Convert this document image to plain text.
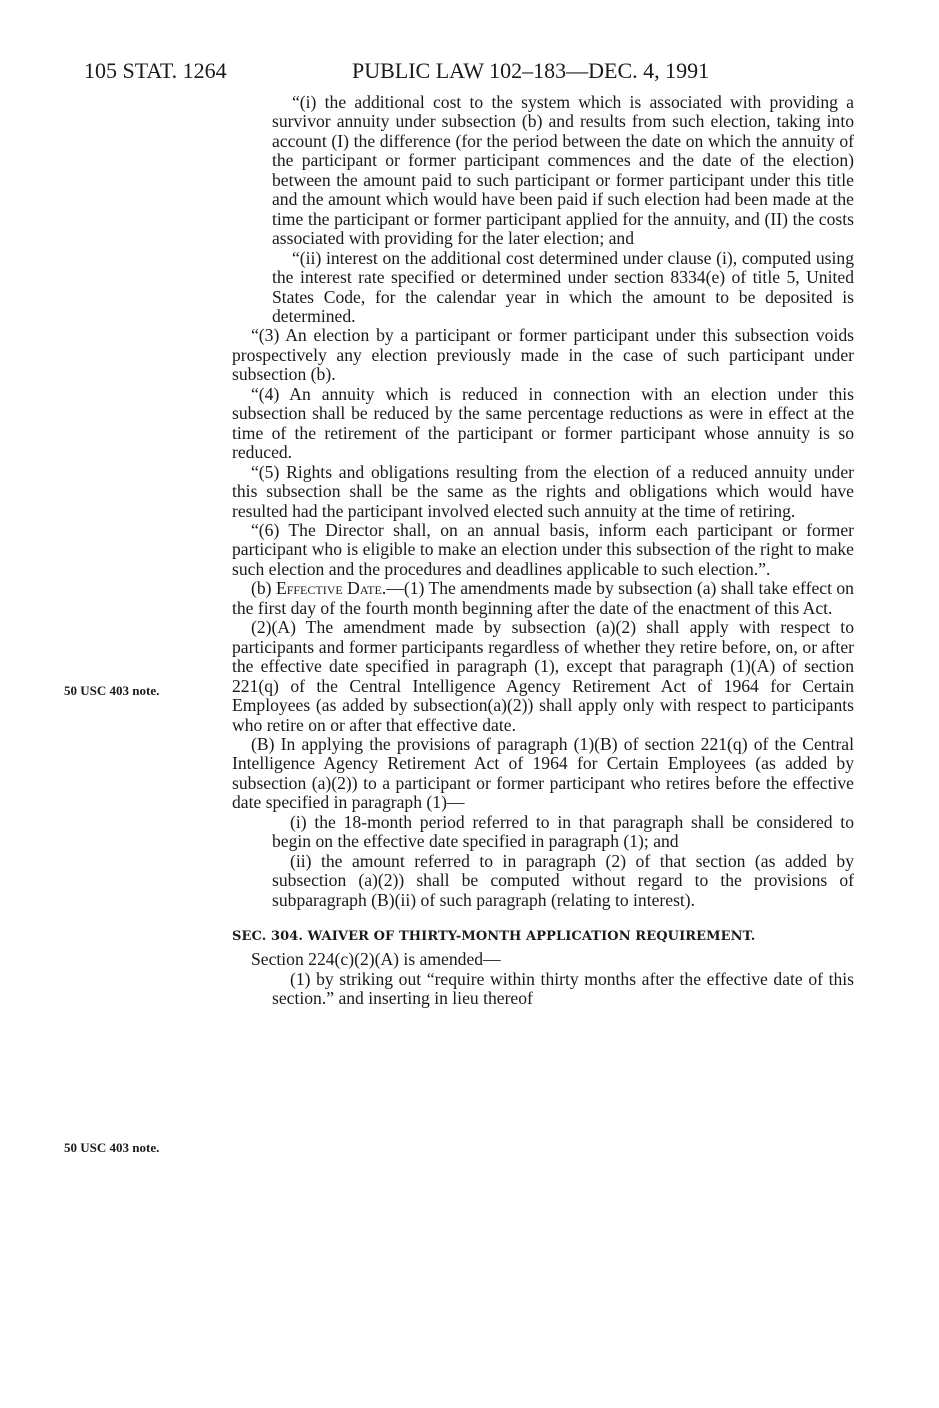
105 STAT. 1264	PUBLIC LAW 102–183—DEC. 4, 1991
50 USC 403 note.
50 USC 403 note.

“(i) the additional cost to the system which is associated with providing a survivor annuity under subsection (b) and results from such election, taking into account (I) the difference (for the period between the date on which the annuity of the participant or former participant commences and the date of the election) between the amount paid to such participant or former participant under this title and the amount which would have been paid if such election had been made at the time the participant or former participant applied for the annuity, and (II) the costs associated with providing for the later election; and

“(ii) interest on the additional cost determined under clause (i), computed using the interest rate specified or determined under section 8334(e) of title 5, United States Code, for the calendar year in which the amount to be deposited is determined.

“(3) An election by a participant or former participant under this subsection voids prospectively any election previously made in the case of such participant under subsection (b).

“(4) An annuity which is reduced in connection with an election under this subsection shall be reduced by the same percentage reductions as were in effect at the time of the retirement of the participant or former participant whose annuity is so reduced.

“(5) Rights and obligations resulting from the election of a reduced annuity under this subsection shall be the same as the rights and obligations which would have resulted had the participant involved elected such annuity at the time of retiring.

“(6) The Director shall, on an annual basis, inform each participant or former participant who is eligible to make an election under this subsection of the right to make such election and the procedures and deadlines applicable to such election.”.

(b) Effective Date.—(1) The amendments made by subsection (a) shall take effect on the first day of the fourth month beginning after the date of the enactment of this Act.

(2)(A) The amendment made by subsection (a)(2) shall apply with respect to participants and former participants regardless of whether they retire before, on, or after the effective date specified in paragraph (1), except that paragraph (1)(A) of section 221(q) of the Central Intelligence Agency Retirement Act of 1964 for Certain Employees (as added by subsection(a)(2)) shall apply only with respect to participants who retire on or after that effective date.

(B) In applying the provisions of paragraph (1)(B) of section 221(q) of the Central Intelligence Agency Retirement Act of 1964 for Certain Employees (as added by subsection (a)(2)) to a participant or former participant who retires before the effective date specified in paragraph (1)—

(i) the 18-month period referred to in that paragraph shall be considered to begin on the effective date specified in paragraph (1); and

(ii) the amount referred to in paragraph (2) of that section (as added by subsection (a)(2)) shall be computed without regard to the provisions of subparagraph (B)(ii) of such paragraph (relating to interest).

SEC. 304. WAIVER OF THIRTY-MONTH APPLICATION REQUIREMENT.

Section 224(c)(2)(A) is amended—

(1) by striking out “require within thirty months after the effective date of this section.” and inserting in lieu thereof
